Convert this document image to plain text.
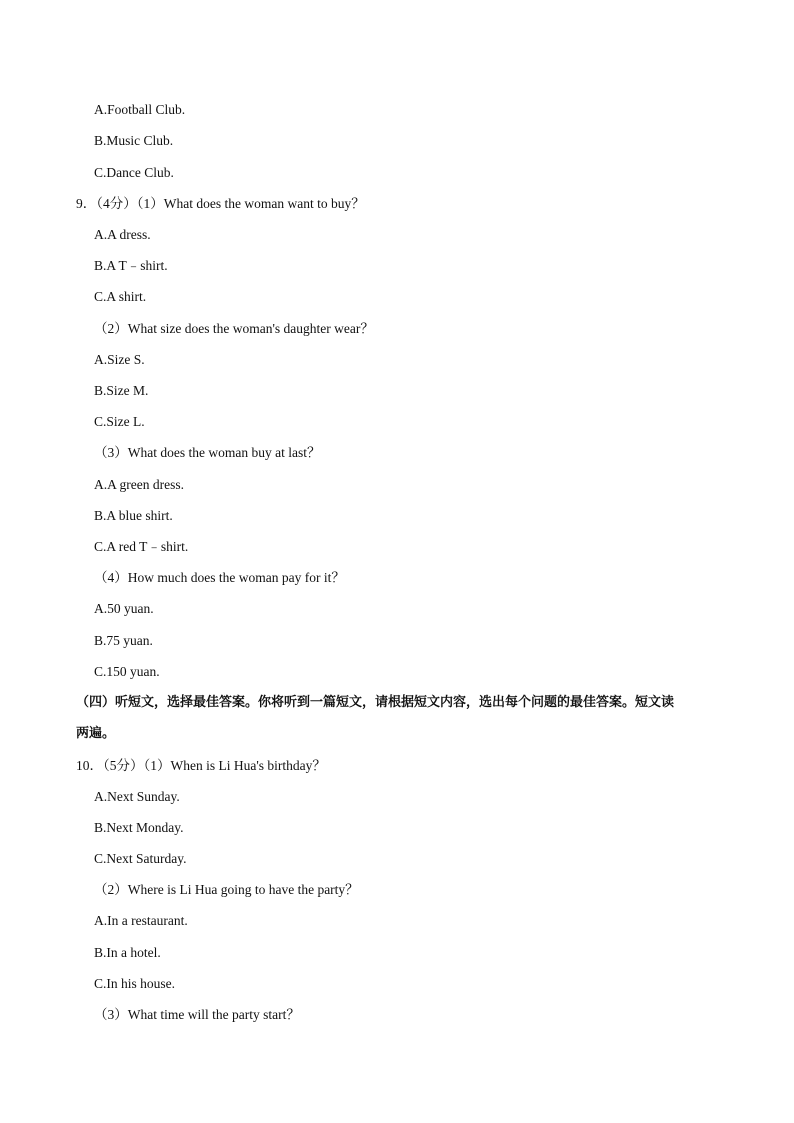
A.Football Club.
B.Music Club.
C.Dance Club.
9．（4分）（1）What does the woman want to buy？
A.A dress.
B.A T﹣shirt.
C.A shirt.
（2）What size does the woman's daughter wear？
A.Size S.
B.Size M.
C.Size L.
（3）What does the woman buy at last？
A.A green dress.
B.A blue shirt.
C.A red T﹣shirt.
（4）How much does the woman pay for it？
A.50 yuan.
B.75 yuan.
C.150 yuan.
（四）听短文，选择最佳答案。你将听到一篇短文，请根据短文内容，选出每个问题的最佳答案。短文读
两遍。
10．（5分）（1）When is Li Hua's birthday？
A.Next Sunday.
B.Next Monday.
C.Next Saturday.
（2）Where is Li Hua going to have the party？
A.In a restaurant.
B.In a hotel.
C.In his house.
（3）What time will the party start？
